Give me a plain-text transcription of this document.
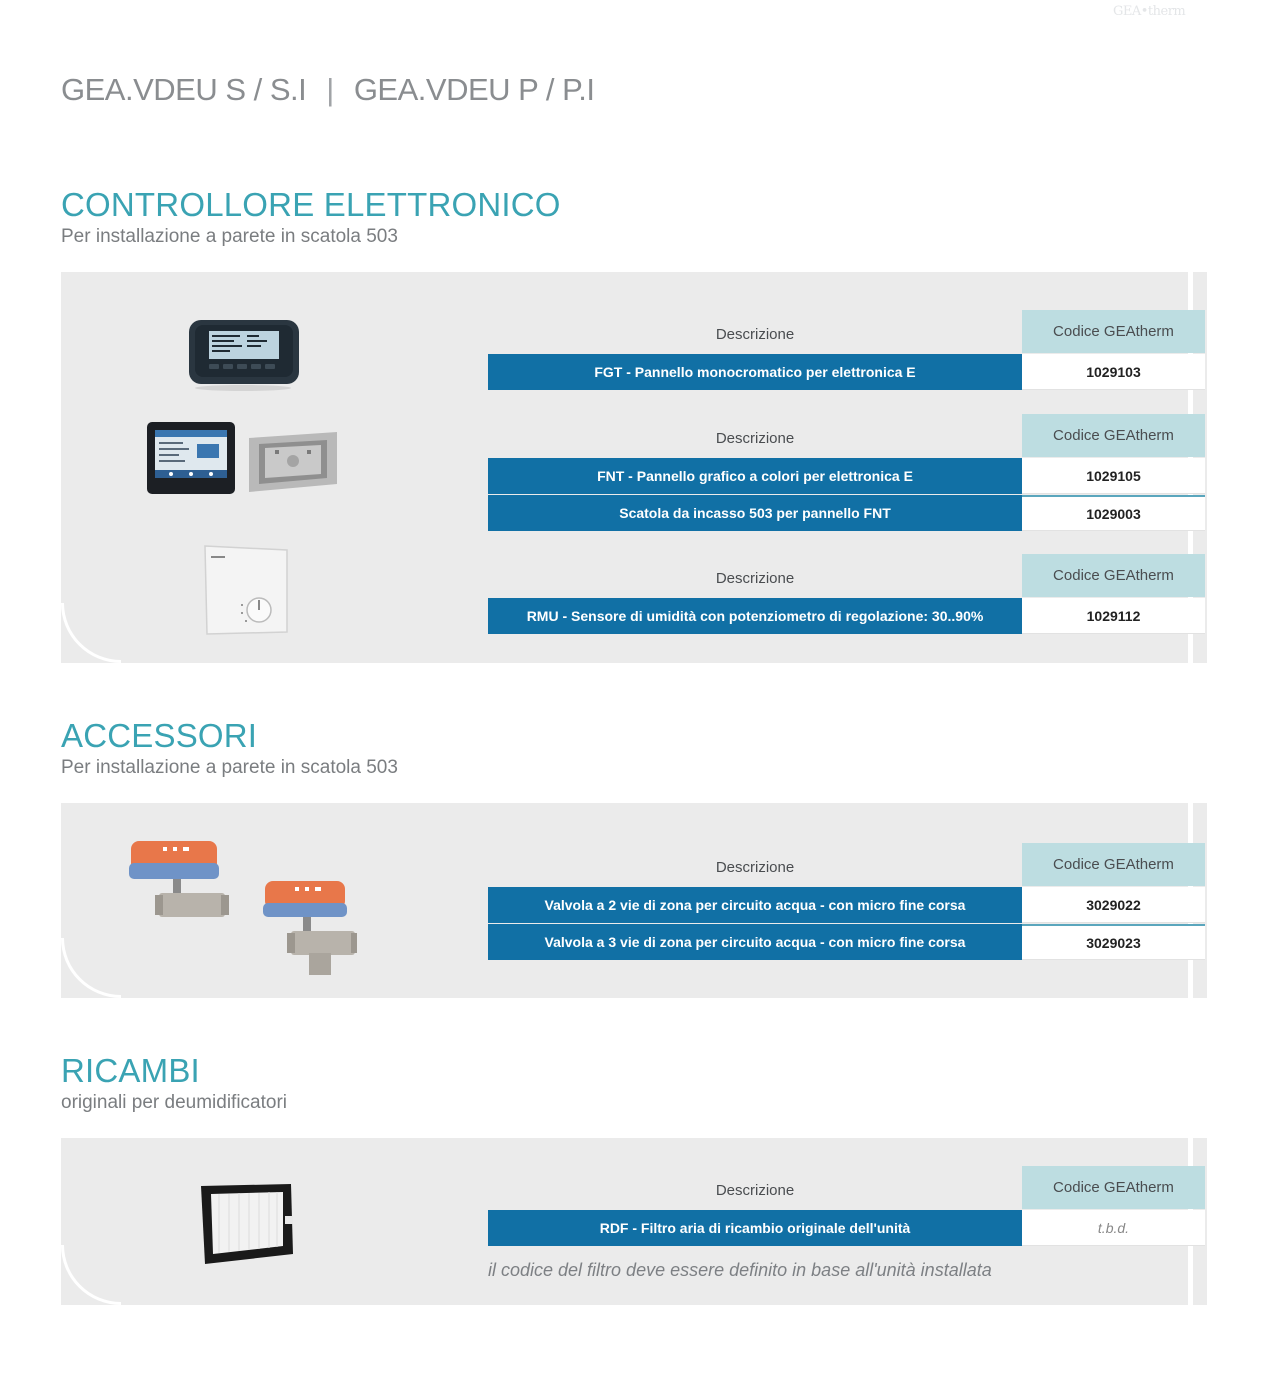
GEA•therm
GEA.VDEU S / S.I | GEA.VDEU P / P.I
CONTROLLORE ELETTRONICO
Per installazione a parete in scatola 503
Descrizione	Codice GEAtherm
FGT - Pannello monocromatico per elettronica E	1029103
Descrizione	Codice GEAtherm
FNT - Pannello grafico a colori per elettronica E	1029105
Scatola da incasso 503 per pannello FNT	1029003
Descrizione	Codice GEAtherm
RMU - Sensore di umidità con potenziometro di regolazione: 30..90%	1029112
ACCESSORI
Per installazione a parete in scatola 503
Descrizione	Codice GEAtherm
Valvola a 2 vie di zona per circuito acqua - con micro fine corsa	3029022
Valvola a 3 vie di zona per circuito acqua - con micro fine corsa	3029023
RICAMBI
originali per deumidificatori
Descrizione	Codice GEAtherm
RDF - Filtro aria di ricambio originale dell'unità	t.b.d.
il codice del filtro deve essere definito in base all'unità installata
